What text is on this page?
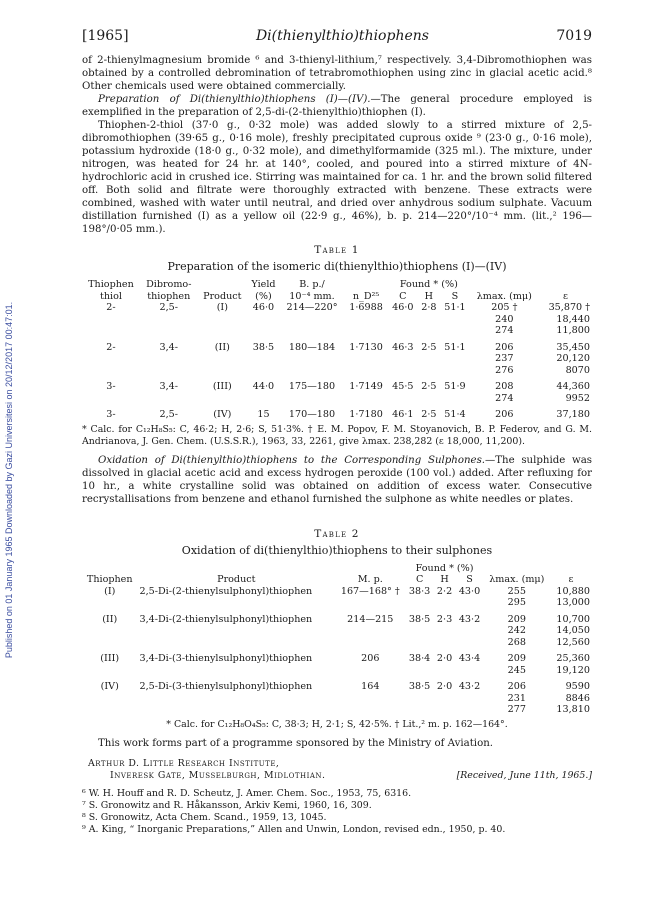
Published on 01 January 1965 Downloaded by Gazi Universitesi on 20/12/2017 00:47:01.
[1965]	Di(thienylthio)thiophens	7019

of 2-thienylmagnesium bromide ⁶ and 3-thienyl-lithium,⁷ respectively. 3,4-Dibromothiophen was obtained by a controlled debromination of tetrabromothiophen using zinc in glacial acetic acid.⁸ Other chemicals used were obtained commercially.

Preparation of Di(thienylthio)thiophens (I)—(IV).—The general procedure employed is exemplified in the preparation of 2,5-di-(2-thienylthio)thiophen (I).

Thiophen-2-thiol (37·0 g., 0·32 mole) was added slowly to a stirred mixture of 2,5-dibromothiophen (39·65 g., 0·16 mole), freshly precipitated cuprous oxide ⁹ (23·0 g., 0·16 mole), potassium hydroxide (18·0 g., 0·32 mole), and dimethylformamide (325 ml.). The mixture, under nitrogen, was heated for 24 hr. at 140°, cooled, and poured into a stirred mixture of 4N-hydrochloric acid in crushed ice. Stirring was maintained for ca. 1 hr. and the brown solid filtered off. Both solid and filtrate were thoroughly extracted with benzene. These extracts were combined, washed with water until neutral, and dried over anhydrous sodium sulphate. Vacuum distillation furnished (I) as a yellow oil (22·9 g., 46%), b. p. 214—220°/10⁻⁴ mm. (lit.,² 196—198°/0·05 mm.).

Table 1
Preparation of the isomeric di(thienylthio)thiophens (I)—(IV)
Thiophen	Dibromo-		Yield	B. p./		Found * (%)				
thiol	thiophen	Product	(%)	10⁻⁴ mm.	n_D²⁵	C	H	S	λmax. (mμ)	ε
2-	2,5-	(I)	46·0	214—220°	1·6988	46·0	2·8	51·1	205 †	35,870 †
									240	18,440
									274	11,800
2-	3,4-	(II)	38·5	180—184	1·7130	46·3	2·5	51·1	206	35,450
									237	20,120
									276	8070
3-	3,4-	(III)	44·0	175—180	1·7149	45·5	2·5	51·9	208	44,360
									274	9952
3-	2,5-	(IV)	15	170—180	1·7180	46·1	2·5	51·4	206	37,180
* Calc. for C₁₂H₈S₅: C, 46·2; H, 2·6; S, 51·3%. † E. M. Popov, F. M. Stoyanovich, B. P. Federov, and G. M. Andrianova, J. Gen. Chem. (U.S.S.R.), 1963, 33, 2261, give λmax. 238,282 (ε 18,000, 11,200).

Oxidation of Di(thienylthio)thiophens to the Corresponding Sulphones.—The sulphide was dissolved in glacial acetic acid and excess hydrogen peroxide (100 vol.) added. After refluxing for 10 hr., a white crystalline solid was obtained on addition of excess water. Consecutive recrystallisations from benzene and ethanol furnished the sulphone as white needles or plates.

Table 2
Oxidation of di(thienylthio)thiophens to their sulphones
			Found * (%)				
Thiophen	Product	M. p.	C	H	S	λmax. (mμ)	ε
(I)	2,5-Di-(2-thienylsulphonyl)thiophen	167—168° †	38·3	2·2	43·0	255	10,880
						295	13,000
(II)	3,4-Di-(2-thienylsulphonyl)thiophen	214—215	38·5	2·3	43·2	209	10,700
						242	14,050
						268	12,560
(III)	3,4-Di-(3-thienylsulphonyl)thiophen	206	38·4	2·0	43·4	209	25,360
						245	19,120
(IV)	2,5-Di-(3-thienylsulphonyl)thiophen	164	38·5	2·0	43·2	206	9590
						231	8846
						277	13,810
* Calc. for C₁₂H₈O₄S₅: C, 38·3; H, 2·1; S, 42·5%. † Lit.,² m. p. 162—164°.

This work forms part of a programme sponsored by the Ministry of Aviation.

Arthur D. Little Research Institute,
Inveresk Gate, Musselburgh, Midlothian.	[Received, June 11th, 1965.]
⁶ W. H. Houff and R. D. Scheutz, J. Amer. Chem. Soc., 1953, 75, 6316.
⁷ S. Gronowitz and R. Håkansson, Arkiv Kemi, 1960, 16, 309.
⁸ S. Gronowitz, Acta Chem. Scand., 1959, 13, 1045.
⁹ A. King, “ Inorganic Preparations,” Allen and Unwin, London, revised edn., 1950, p. 40.
